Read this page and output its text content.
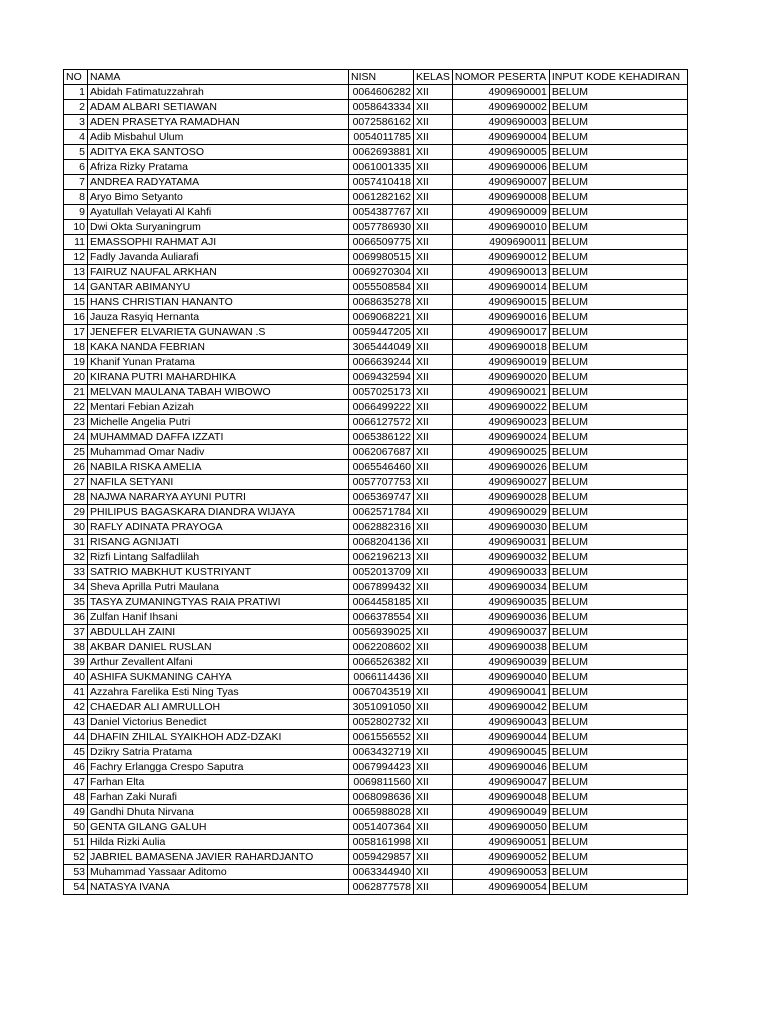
NO	NAMA	NISN	KELAS	NOMOR PESERTA	INPUT KODE KEHADIRAN
1	Abidah Fatimatuzzahrah	0064606282	XII	4909690001	BELUM
2	ADAM ALBARI SETIAWAN	0058643334	XII	4909690002	BELUM
3	ADEN PRASETYA RAMADHAN	0072586162	XII	4909690003	BELUM
4	Adib Misbahul Ulum	0054011785	XII	4909690004	BELUM
5	ADITYA EKA SANTOSO	0062693881	XII	4909690005	BELUM
6	Afriza Rizky Pratama	0061001335	XII	4909690006	BELUM
7	ANDREA RADYATAMA	0057410418	XII	4909690007	BELUM
8	Aryo Bimo Setyanto	0061282162	XII	4909690008	BELUM
9	Ayatullah Velayati Al Kahfi	0054387767	XII	4909690009	BELUM
10	Dwi Okta Suryaningrum	0057786930	XII	4909690010	BELUM
11	EMASSOPHI RAHMAT AJI	0066509775	XII	4909690011	BELUM
12	Fadly Javanda Auliarafi	0069980515	XII	4909690012	BELUM
13	FAIRUZ NAUFAL ARKHAN	0069270304	XII	4909690013	BELUM
14	GANTAR ABIMANYU	0055508584	XII	4909690014	BELUM
15	HANS CHRISTIAN HANANTO	0068635278	XII	4909690015	BELUM
16	Jauza Rasyiq Hernanta	0069068221	XII	4909690016	BELUM
17	JENEFER ELVARIETA GUNAWAN .S	0059447205	XII	4909690017	BELUM
18	KAKA NANDA FEBRIAN	3065444049	XII	4909690018	BELUM
19	Khanif Yunan Pratama	0066639244	XII	4909690019	BELUM
20	KIRANA PUTRI MAHARDHIKA	0069432594	XII	4909690020	BELUM
21	MELVAN MAULANA TABAH WIBOWO	0057025173	XII	4909690021	BELUM
22	Mentari Febian Azizah	0066499222	XII	4909690022	BELUM
23	Michelle Angelia Putri	0066127572	XII	4909690023	BELUM
24	MUHAMMAD DAFFA IZZATI	0065386122	XII	4909690024	BELUM
25	Muhammad Omar Nadiv	0062067687	XII	4909690025	BELUM
26	NABILA RISKA AMELIA	0065546460	XII	4909690026	BELUM
27	NAFILA SETYANI	0057707753	XII	4909690027	BELUM
28	NAJWA NARARYA AYUNI PUTRI	0065369747	XII	4909690028	BELUM
29	PHILIPUS BAGASKARA DIANDRA WIJAYA	0062571784	XII	4909690029	BELUM
30	RAFLY ADINATA PRAYOGA	0062882316	XII	4909690030	BELUM
31	RISANG AGNIJATI	0068204136	XII	4909690031	BELUM
32	Rizfi Lintang Salfadlilah	0062196213	XII	4909690032	BELUM
33	SATRIO MABKHUT KUSTRIYANT	0052013709	XII	4909690033	BELUM
34	Sheva Aprilla Putri Maulana	0067899432	XII	4909690034	BELUM
35	TASYA ZUMANINGTYAS RAIA PRATIWI	0064458185	XII	4909690035	BELUM
36	Zulfan Hanif Ihsani	0066378554	XII	4909690036	BELUM
37	ABDULLAH ZAINI	0056939025	XII	4909690037	BELUM
38	AKBAR DANIEL RUSLAN	0062208602	XII	4909690038	BELUM
39	Arthur Zevallent Alfani	0066526382	XII	4909690039	BELUM
40	ASHIFA SUKMANING CAHYA	0066114436	XII	4909690040	BELUM
41	Azzahra Farelika Esti Ning Tyas	0067043519	XII	4909690041	BELUM
42	CHAEDAR ALI AMRULLOH	3051091050	XII	4909690042	BELUM
43	Daniel Victorius Benedict	0052802732	XII	4909690043	BELUM
44	DHAFIN ZHILAL SYAIKHOH ADZ-DZAKI	0061556552	XII	4909690044	BELUM
45	Dzikry Satria Pratama	0063432719	XII	4909690045	BELUM
46	Fachry Erlangga Crespo Saputra	0067994423	XII	4909690046	BELUM
47	Farhan Elta	0069811560	XII	4909690047	BELUM
48	Farhan Zaki Nurafi	0068098636	XII	4909690048	BELUM
49	Gandhi Dhuta Nirvana	0065988028	XII	4909690049	BELUM
50	GENTA GILANG GALUH	0051407364	XII	4909690050	BELUM
51	Hilda Rizki Aulia	0058161998	XII	4909690051	BELUM
52	JABRIEL BAMASENA JAVIER RAHARDJANTO	0059429857	XII	4909690052	BELUM
53	Muhammad Yassaar Aditomo	0063344940	XII	4909690053	BELUM
54	NATASYA IVANA	0062877578	XII	4909690054	BELUM
